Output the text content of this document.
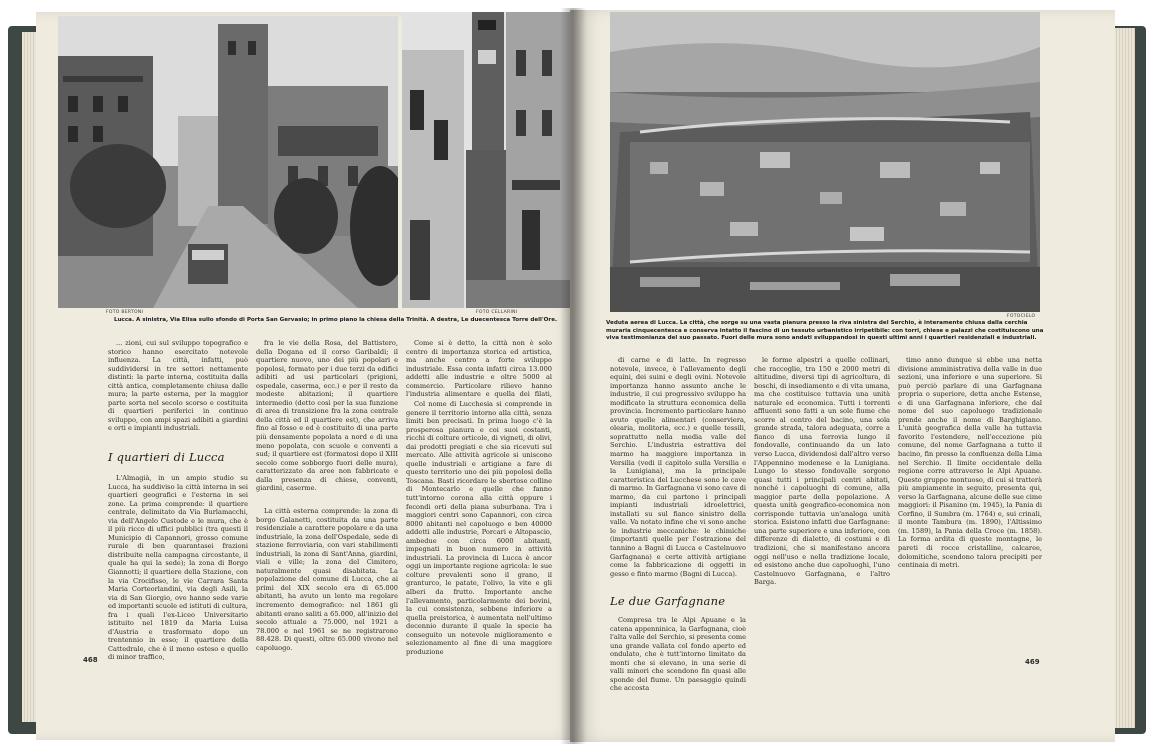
FOTO BERTONI	FOTO CELLARINI
Lucca. A sinistra, Via Elisa sullo sfondo di Porta San Gervasio; in primo piano la chiesa della Trinità. A destra, Le duecentesca Torre dell'Ore.

... zioni, cui sul sviluppo topografico e storico hanno esercitato notevole influenza. La città, infatti, può suddividersi in tre settori nettamente distinti: la parte interna, costituita dalla città antica, completamente chiusa dalle mura; la parte esterna, per la maggior parte sorta nel secolo scorso e costituita di quartieri periferici in continuo sviluppo, con ampi spazi adibiti a giardini e orti e impianti industriali.

I quartieri di Lucca

L'Almagià, in un ampio studio su Lucca, ha suddiviso la città interna in sei quartieri geografici e l'esterna in sei zone. La prima comprende: il quartiere centrale, delimitato da Via Burlamacchi, via dell'Angelo Custode e le mura, che è il più ricco di uffici pubblici (tra questi il Municipio di Capannori, grosso comune rurale di ben quarantasei frazioni distribuite nella campagna circostante, il quale ha qui la sede); la zona di Borgo Giannotti; il quartiere della Stazione, con la via Crocifisso, le vie Carrara Santa Maria Corteorlandini, via degli Asili, la via di San Giorgio, ove hanno sede varie ed importanti scuole ed istituti di cultura, fra i quali l'ex-Liceo Universitario istituito nel 1819 da Maria Luisa d'Austria e trasformato dopo un trentennio in esso; il quartiere della Cattedrale, che è il meno esteso e quello di minor traffico,

fra le vie della Rosa, del Battistero, della Dogana ed il corso Garibaldi; il quartiere nuovo, uno dei più popolari e popolosi, formato per i due terzi da edifici adibiti ad usi particolari (prigioni, ospedale, caserma, ecc.) e per il resto da modeste abitazioni; il quartiere intermedio (detto così per la sua funzione di area di transizione fra la zona centrale della città ed il quartiere est), che arriva fino al fosso e ed è costituito di una parte più densamente popolata a nord e di una meno popolata, con scuole e conventi a sud; il quartiere est (formatosi dopo il XIII secolo come sobborgo fuori delle mura), caratterizzato da aree non fabbricate e dalla presenza di chiese, conventi, giardini, caserme.

La città esterna comprende: la zona di borgo Galanetti, costituita da una parte residenziale a carattere popolare e da una industriale, la zona dell'Ospedale, sede di stazione ferroviaria, con vari stabilimenti industriali, la zona di Sant'Anna, giardini, viali e ville; la zona del Cimitero, naturalmente quasi disabitata. La popolazione del comune di Lucca, che ai primi del XIX secolo era di 65.000 abitanti, ha avuto un lento ma regolare incremento demografico: nel 1861 gli abitanti erano saliti a 65.000, all'inizio del secolo attuale a 75.000, nel 1921 a 78.000 e nel 1961 se ne registrarono 88.428. Di questi, oltre 65.000 vivono nel capoluogo.

Come si è detto, la città non è solo centro di importanza storica ed artistica, ma anche centro a forte sviluppo industriale. Essa conta infatti circa 13.000 addetti alle industrie e oltre 5000 al commercio. Particolare rilievo hanno l'industria alimentare e quella dei filati,

Col nome di Lucchesia si comprende in genere il territorio intorno alla città, senza limiti ben precisati. In prima luogo c'è la prosperosa pianura e coi suoi costanti, ricchi di colture orticole, di vigneti, di olivi, dai prodotti pregiati e che sia ricevuti sul mercato. Alle attività agricole si uniscono quelle industriali e artigiane a fare di questo territorio uno dei più popolosi della Toscana. Basti ricordare le sbertose colline di Montecarlo e quelle che fanno tutt'intorno corona alla città oppure i fecondi orti della piana suburbana. Tra i maggiori centri sono Capannori, con circa 8000 abitanti nel capoluogo e ben 40000 addetti alle industrie, Porcari e Altopascio, ambedue con circa 6000 abitanti, impegnati in buon numero in attività industriali. La provincia di Lucca è ancor oggi un importante regione agricola: le sue colture prevalenti sono il grano, il granturco, le patate, l'olivo, la vite e gli alberi da frutto. Importante anche l'allevamento, particolarmente dei bovini, la cui consistenza, sebbene inferiore a quella preistorica, è aumentata nell'ultimo decennio durante il quale la specie ha conseguito un notevole miglioramento e selezionamento al fine di una maggiore produzione

468
FOTOCIELO
Veduta aerea di Lucca. La città, che sorge su una vasta pianura presso la riva sinistra del Serchio, è interamente chiusa dalla cerchia muraria cinquecentesca e conserva intatto il fascino di un tessuto urbanistico irripetibile: con torri, chiese e palazzi che costituiscono una viva testimonianza del suo passato. Fuori delle mura sono andati sviluppandosi in questi ultimi anni i quartieri residenziali e industriali.

di carne e di latte. In regresso notevole, invece, è l'allevamento degli equini, dei suini e degli ovini. Notevole importanza hanno assunto anche le industrie, il cui progressivo sviluppo ha modificato la struttura economica della provincia. Incremento particolare hanno avuto quelle alimentari (conserviera, olearia, molitoria, ecc.) e quelle tessili, soprattutto nella media valle del Serchio. L'industria estrattiva del marmo ha maggiore importanza in Versilia (vedi il capitolo sulla Versilia e la Lunigiana), ma la principale caratteristica del Lucchese sono le cave di marmo. In Garfagnana vi sono cave di marmo, da cui partono i principali impianti industriali idroelettrici, installati su sul fianco sinistro della valle. Va notato infine che vi sono anche le industrie meccaniche: le chimiche (importanti quelle per l'estrazione del tannino a Bagni di Lucca e Castelnuovo Garfagnana) e certe attività artigiane come la fabbricazione di oggetti in gesso e finto marmo (Bagni di Lucca).

Le due Garfagnane

Compresa tra le Alpi Apuane e la catena appenninica, la Garfagnana, cioè l'alta valle del Serchio, si presenta come una grande vallata col fondo aperto ed ondulato, che è tutt'intorno limitato da monti che si elevano, in una serie di valli minori che scendono fin quasi alle sponde del fiume. Un paesaggio quindi che accosta

le forme alpestri a quelle collinari, che raccoglie, tra 150 e 2000 metri di altitudine, diversi tipi di agricoltura, di boschi, di insediamento e di vita umana, ma che costituisce tuttavia una unità naturale ed economica. Tutti i torrenti affluenti sono fatti a un sole fiume che scorre al centro del bacino, una sola grande strada, talora adeguata, corre a fianco di una ferrovia lungo il fondovalle, continuando da un lato verso Lucca, dividendosi dall'altro verso l'Appennino modenese e la Lunigiana. Lungo lo stesso fondovalle sorgono quasi tutti i principali centri abitati, nonché i capoluoghi di comune, alla maggior parte della popolazione. A questa unità geografico-economica non corrisponde tuttavia un'analoga unità storica. Esistono infatti due Garfagnane: una parte superiore e una inferiore, con differenze di dialetto, di costumi e di tradizioni, che si manifestano ancora oggi nell'uso e nella tradizione locale, ed esistono anche due capoluoghi, l'uno Castelnuovo Garfagnana, e l'altro Barga.

timo anno dunque si ebbe una netta divisione amministrativa della valle in due sezioni, una inferiore e una superiore. Si può perciò parlare di una Garfagnana propria o superiore, detta anche Estense, e di una Garfagnana inferiore, che dal nome del suo capoluogo tradizionale prende anche il nome di Barghigiano. L'unità geografica della valle ha tuttavia favorito l'estendere, nell'eccezione più comune, del nome Garfagnana a tutto il bacino, fin presso la confluenza della Lima nel Serchio. Il limite occidentale della regione corre attraverso le Alpi Apuane. Questo gruppo montuoso, di cui si tratterà più ampiamente in seguito, presenta qui, verso la Garfagnana, alcune delle sue cime maggiori: il Pisanino (m. 1945), la Pania di Corfino, il Sumbra (m. 1764) e, sui crinali, il monte Tambura (m. 1890), l'Altissimo (m. 1589), la Pania della Croce (m. 1858). La forma ardita di queste montagne, le pareti di rocce cristalline, calcaree, dolomitiche, scendono talora precipiti per centinaia di metri.

469
